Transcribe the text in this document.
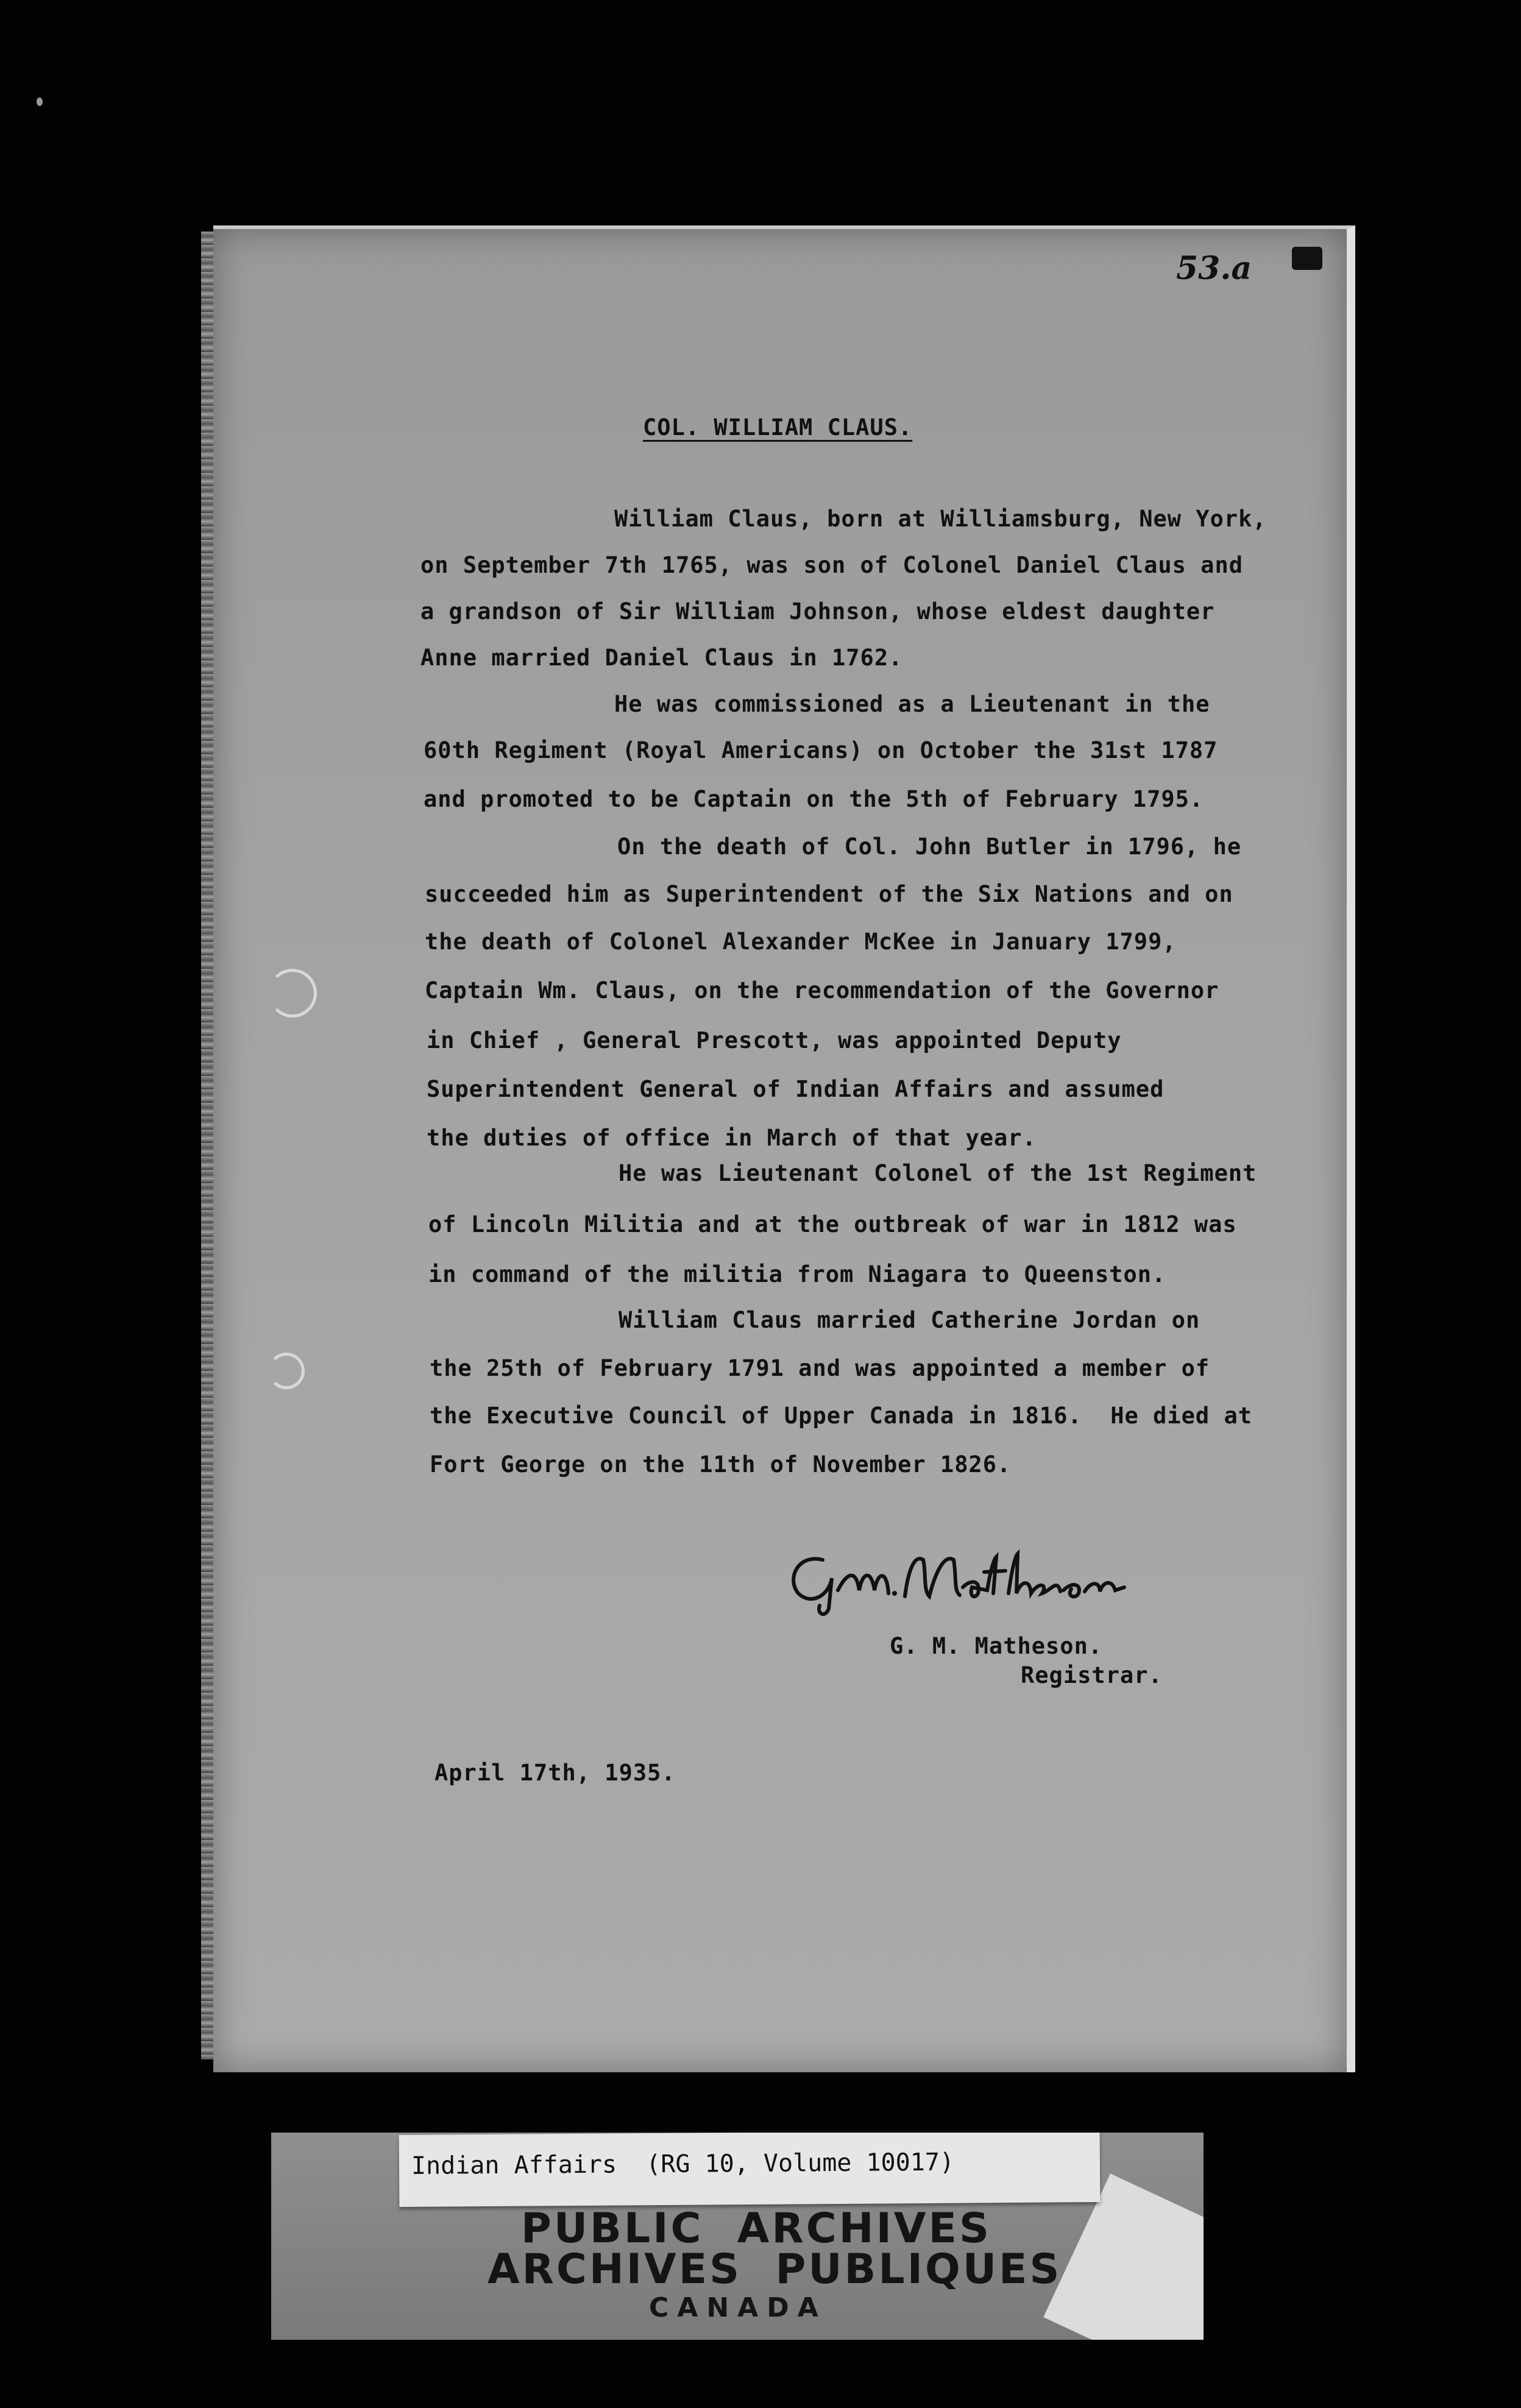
53.a
COL. WILLIAM CLAUS.
William Claus, born at Williamsburg, New York,
on September 7th 1765, was son of Colonel Daniel Claus and
a grandson of Sir William Johnson, whose eldest daughter
Anne married Daniel Claus in 1762.
He was commissioned as a Lieutenant in the
60th Regiment (Royal Americans) on October the 31st 1787
and promoted to be Captain on the 5th of February 1795.
On the death of Col. John Butler in 1796, he
succeeded him as Superintendent of the Six Nations and on
the death of Colonel Alexander McKee in January 1799,
Captain Wm. Claus, on the recommendation of the Governor
in Chief , General Prescott, was appointed Deputy
Superintendent General of Indian Affairs and assumed
the duties of office in March of that year.
He was Lieutenant Colonel of the 1st Regiment
of Lincoln Militia and at the outbreak of war in 1812 was
in command of the militia from Niagara to Queenston.
William Claus married Catherine Jordan on
the 25th of February 1791 and was appointed a member of
the Executive Council of Upper Canada in 1816.  He died at
Fort George on the 11th of November 1826.
G. M. Matheson.
Registrar.
April 17th, 1935.
Indian Affairs  (RG 10, Volume 10017)
PUBLIC  ARCHIVES
ARCHIVES  PUBLIQUES
CANADA
